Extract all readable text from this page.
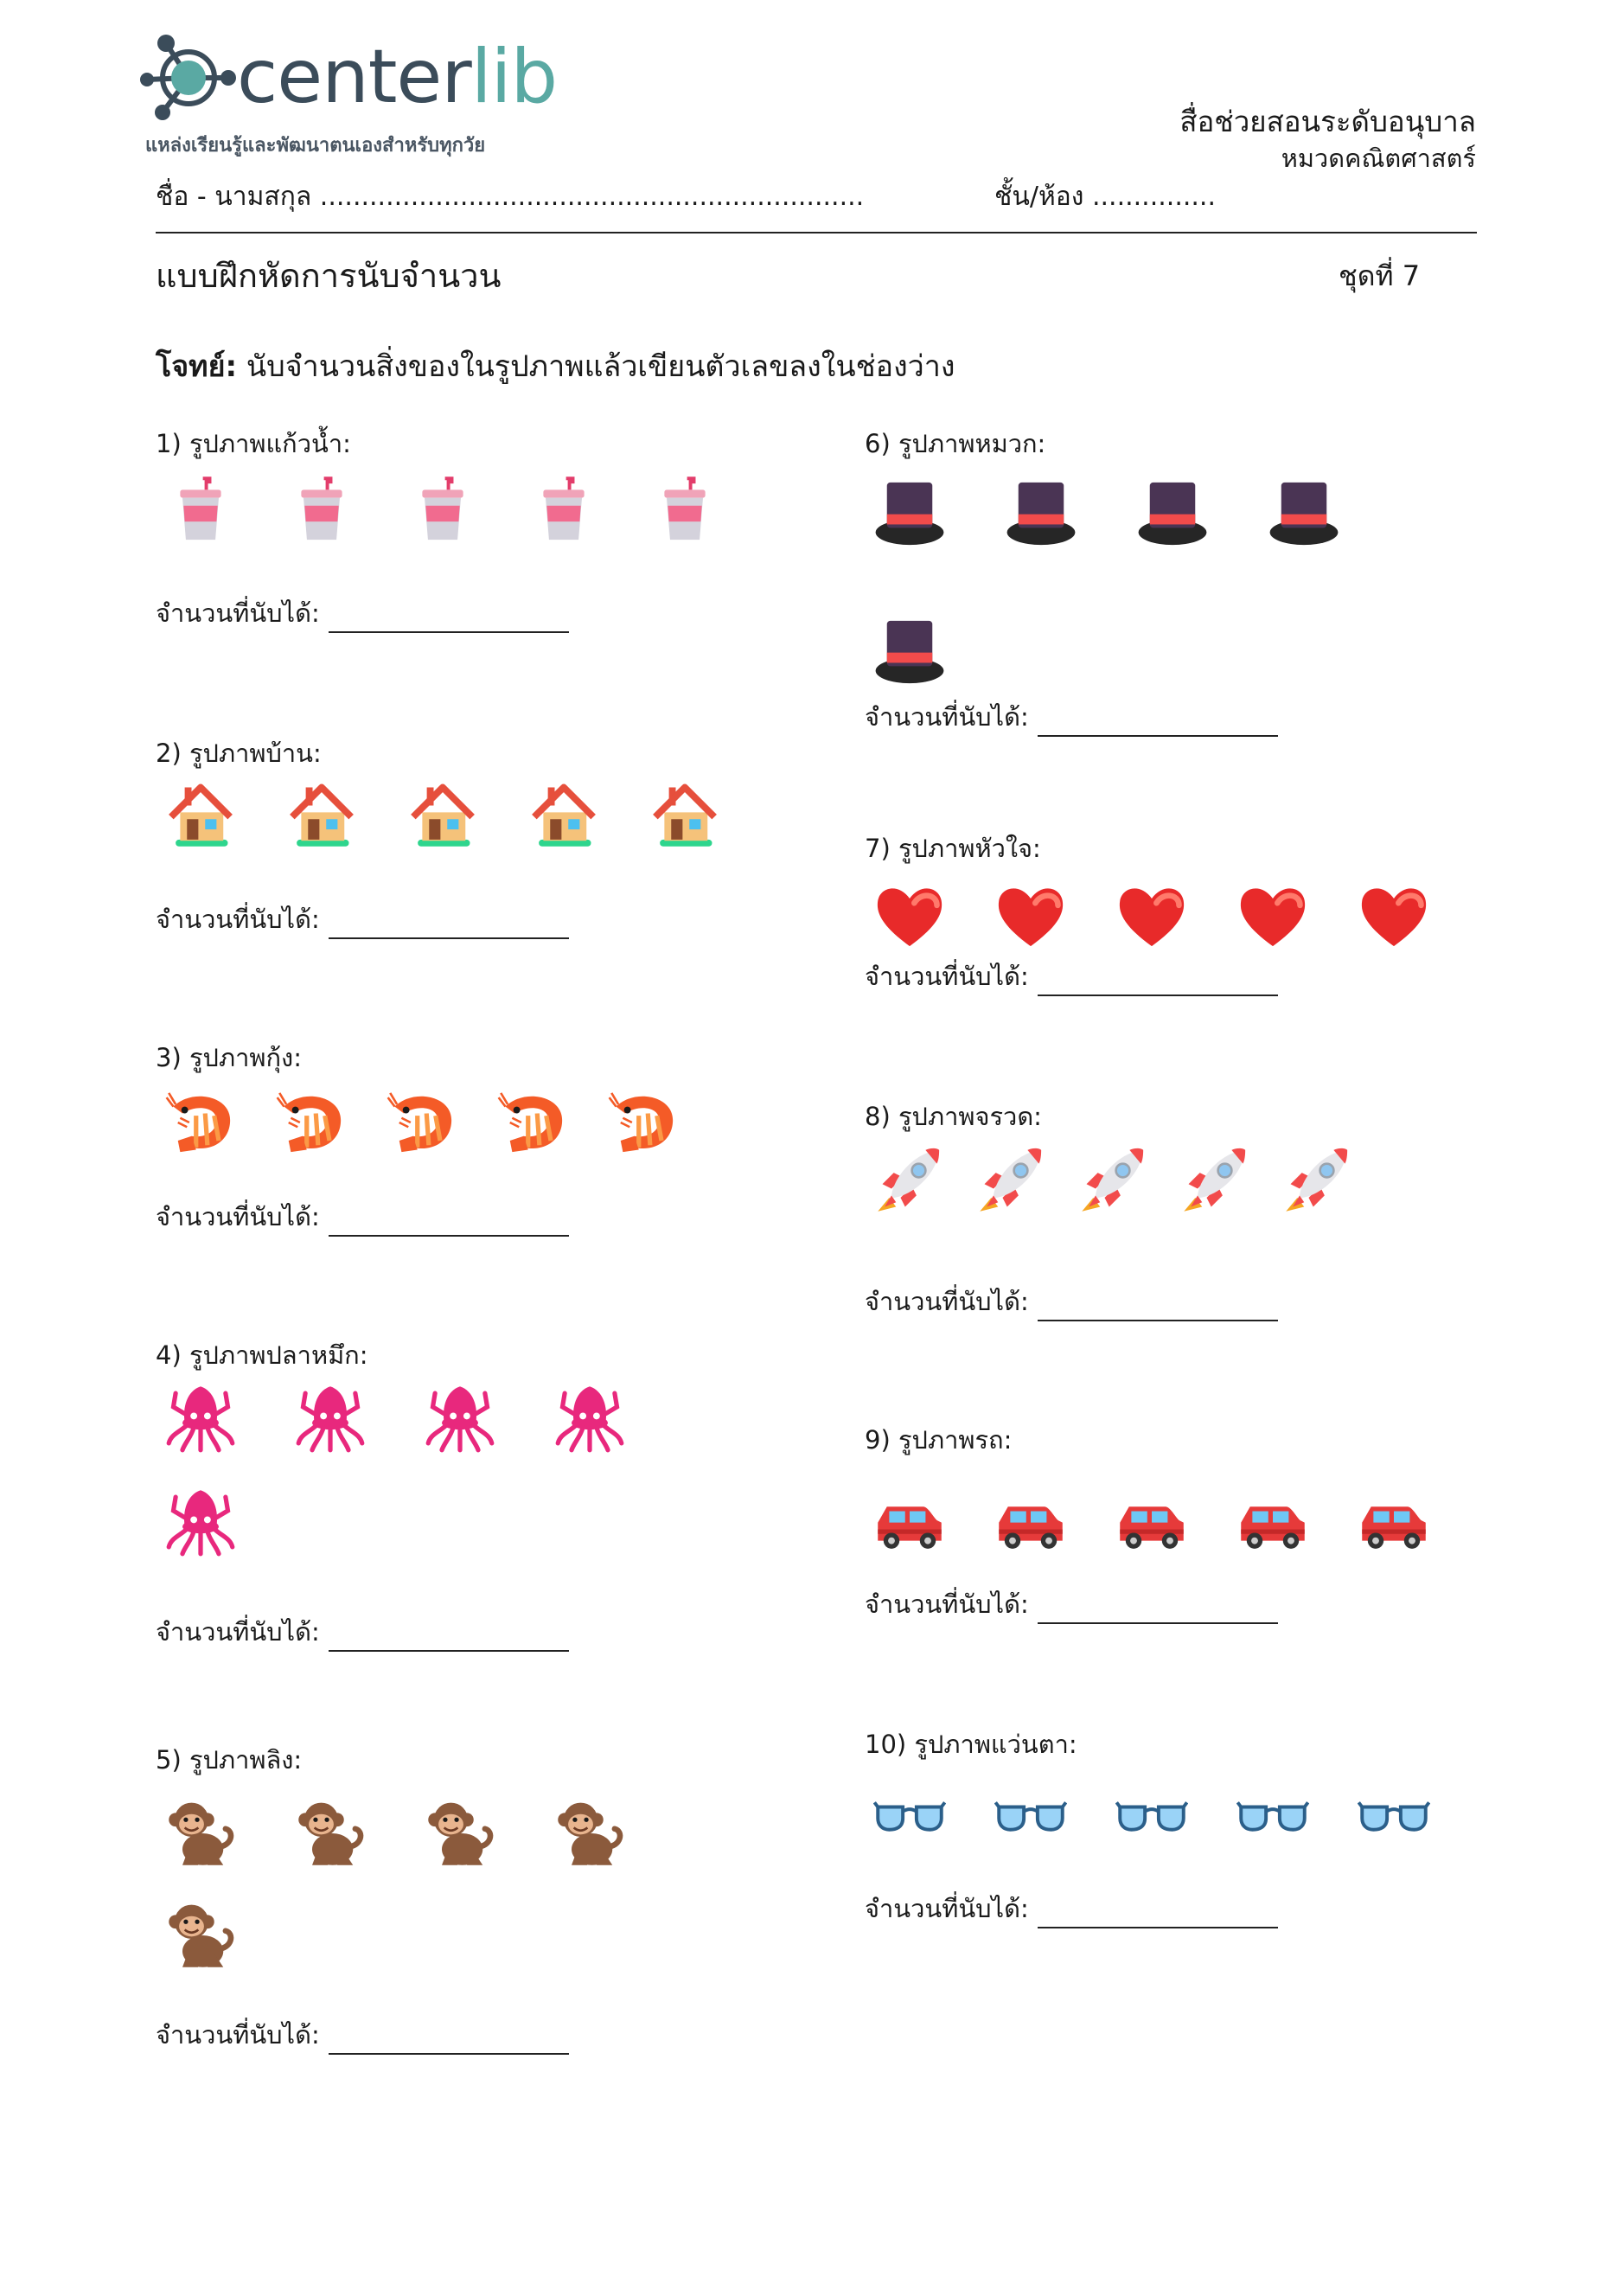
centerlib
แหล่งเรียนรู้และพัฒนาตนเองสำหรับทุกวัย
สื่อช่วยสอนระดับอนุบาล
หมวดคณิตศาสตร์
ชื่อ - นามสกุล ..................................................................	ชั้น/ห้อง ...............
แบบฝึกหัดการนับจำนวน	ชุดที่ 7
โจทย์: นับจำนวนสิ่งของในรูปภาพแล้วเขียนตัวเลขลงในช่องว่าง
1) รูปภาพแก้วน้ำ:
จำนวนที่นับได้:
2) รูปภาพบ้าน:
จำนวนที่นับได้:
3) รูปภาพกุ้ง:
จำนวนที่นับได้:
4) รูปภาพปลาหมึก:
จำนวนที่นับได้:
5) รูปภาพลิง:
จำนวนที่นับได้:
6) รูปภาพหมวก:
จำนวนที่นับได้:
7) รูปภาพหัวใจ:
จำนวนที่นับได้:
8) รูปภาพจรวด:
จำนวนที่นับได้:
9) รูปภาพรถ:
จำนวนที่นับได้:
10) รูปภาพแว่นตา:
จำนวนที่นับได้:
